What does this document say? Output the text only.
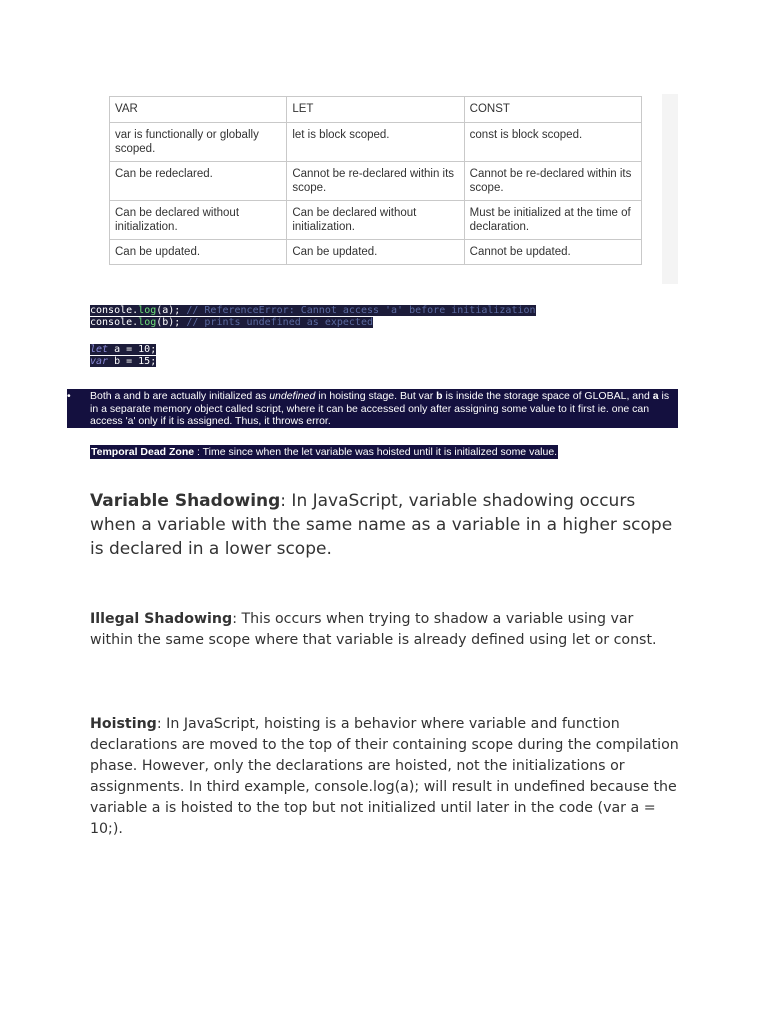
VAR	LET	CONST
var is functionally or globally scoped.	let is block scoped.	const is block scoped.
Can be redeclared.	Cannot be re-declared within its scope.	Cannot be re-declared within its scope.
Can be declared without initialization.	Can be declared without initialization.	Must be initialized at the time of declaration.
Can be updated.	Can be updated.	Cannot be updated.
console.log(a); // ReferenceError: Cannot access 'a' before initialization
console.log(b); // prints undefined as expected
let a = 10;
var b = 15;
• Both a and b are actually initialized as undefined in hoisting stage. But var b is inside the storage space of GLOBAL, and a is in a separate memory object called script, where it can be accessed only after assigning some value to it first ie. one can access 'a' only if it is assigned. Thus, it throws error.
Temporal Dead Zone : Time since when the let variable was hoisted until it is initialized some value.
Variable Shadowing: In JavaScript, variable shadowing occurs when a variable with the same name as a variable in a higher scope is declared in a lower scope.
Illegal Shadowing: This occurs when trying to shadow a variable using var within the same scope where that variable is already defined using let or const.
Hoisting: In JavaScript, hoisting is a behavior where variable and function declarations are moved to the top of their containing scope during the compilation phase. However, only the declarations are hoisted, not the initializations or assignments. In third example, console.log(a); will result in undefined because the variable a is hoisted to the top but not initialized until later in the code (var a = 10;).
